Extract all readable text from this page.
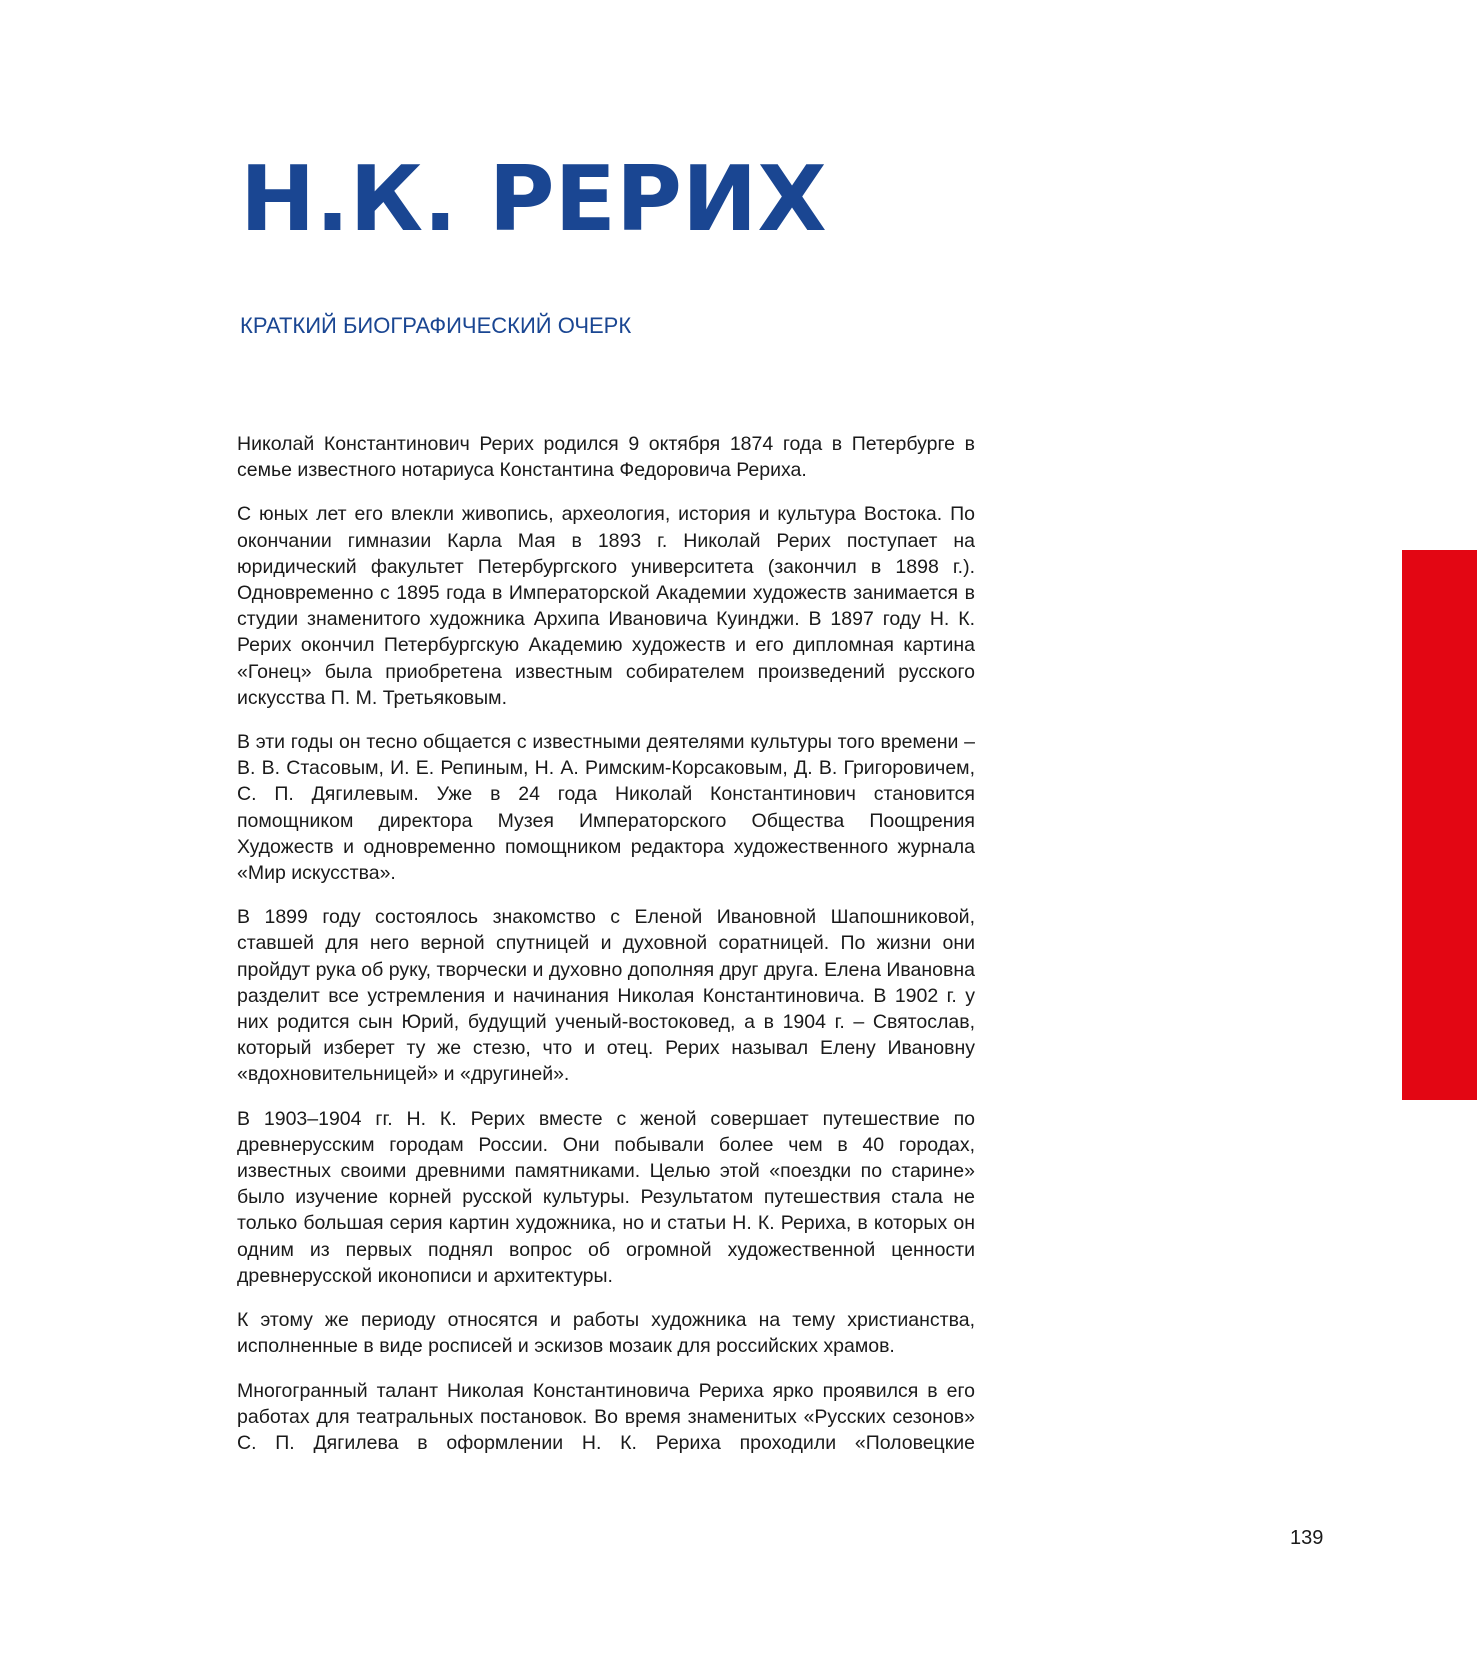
Н.К. РЕРИХ
КРАТКИЙ БИОГРАФИЧЕСКИЙ ОЧЕРК

Николай Константинович Рерих родился 9 октября 1874 года в Петербурге в семье известного нотариуса Константина Федоровича Рериха.

С юных лет его влекли живопись, археология, история и культура Востока. По окончании гимназии Карла Мая в 1893 г. Николай Рерих поступает на юридический факультет Петербургского университета (закончил в 1898 г.). Одновременно с 1895 года в Императорской Академии художеств занимается в студии знаменитого художника Архипа Ивановича Куинджи. В 1897 году Н. К. Рерих окончил Петербургскую Академию художеств и его дипломная картина «Гонец» была приобретена известным собирателем произведений русского искусства П. М. Третьяковым.

В эти годы он тесно общается с известными деятелями культуры того времени – В. В. Стасовым, И. Е. Репиным, Н. А. Римским-Корсаковым, Д. В. Григоровичем, С. П. Дягилевым. Уже в 24 года Николай Константинович становится помощником директора Музея Императорского Общества Поощрения Художеств и одновременно помощником редактора художественного журнала «Мир искусства».

В 1899 году состоялось знакомство с Еленой Ивановной Шапошниковой, ставшей для него верной спутницей и духовной соратницей. По жизни они пройдут рука об руку, творчески и духовно дополняя друг друга. Елена Ивановна разделит все устремления и начинания Николая Константиновича. В 1902 г. у них родится сын Юрий, будущий ученый-востоковед, а в 1904 г. – Святослав, который изберет ту же стезю, что и отец. Рерих называл Елену Ивановну «вдохновительницей» и «другиней».

В 1903–1904 гг. Н. К. Рерих вместе с женой совершает путешествие по древнерусским городам России. Они побывали более чем в 40 городах, известных своими древними памятниками. Целью этой «поездки по старине» было изучение корней русской культуры. Результатом путешествия стала не только большая серия картин художника, но и статьи Н. К. Рериха, в которых он одним из первых поднял вопрос об огромной художественной ценности древнерусской иконописи и архитектуры.

К этому же периоду относятся и работы художника на тему христианства, исполненные в виде росписей и эскизов мозаик для российских храмов.

Многогранный талант Николая Константиновича Рериха ярко проявился в его работах для театральных постановок. Во время знаменитых «Русских сезонов» С. П. Дягилева в оформлении Н. К. Рериха проходили «Половецкие

139
